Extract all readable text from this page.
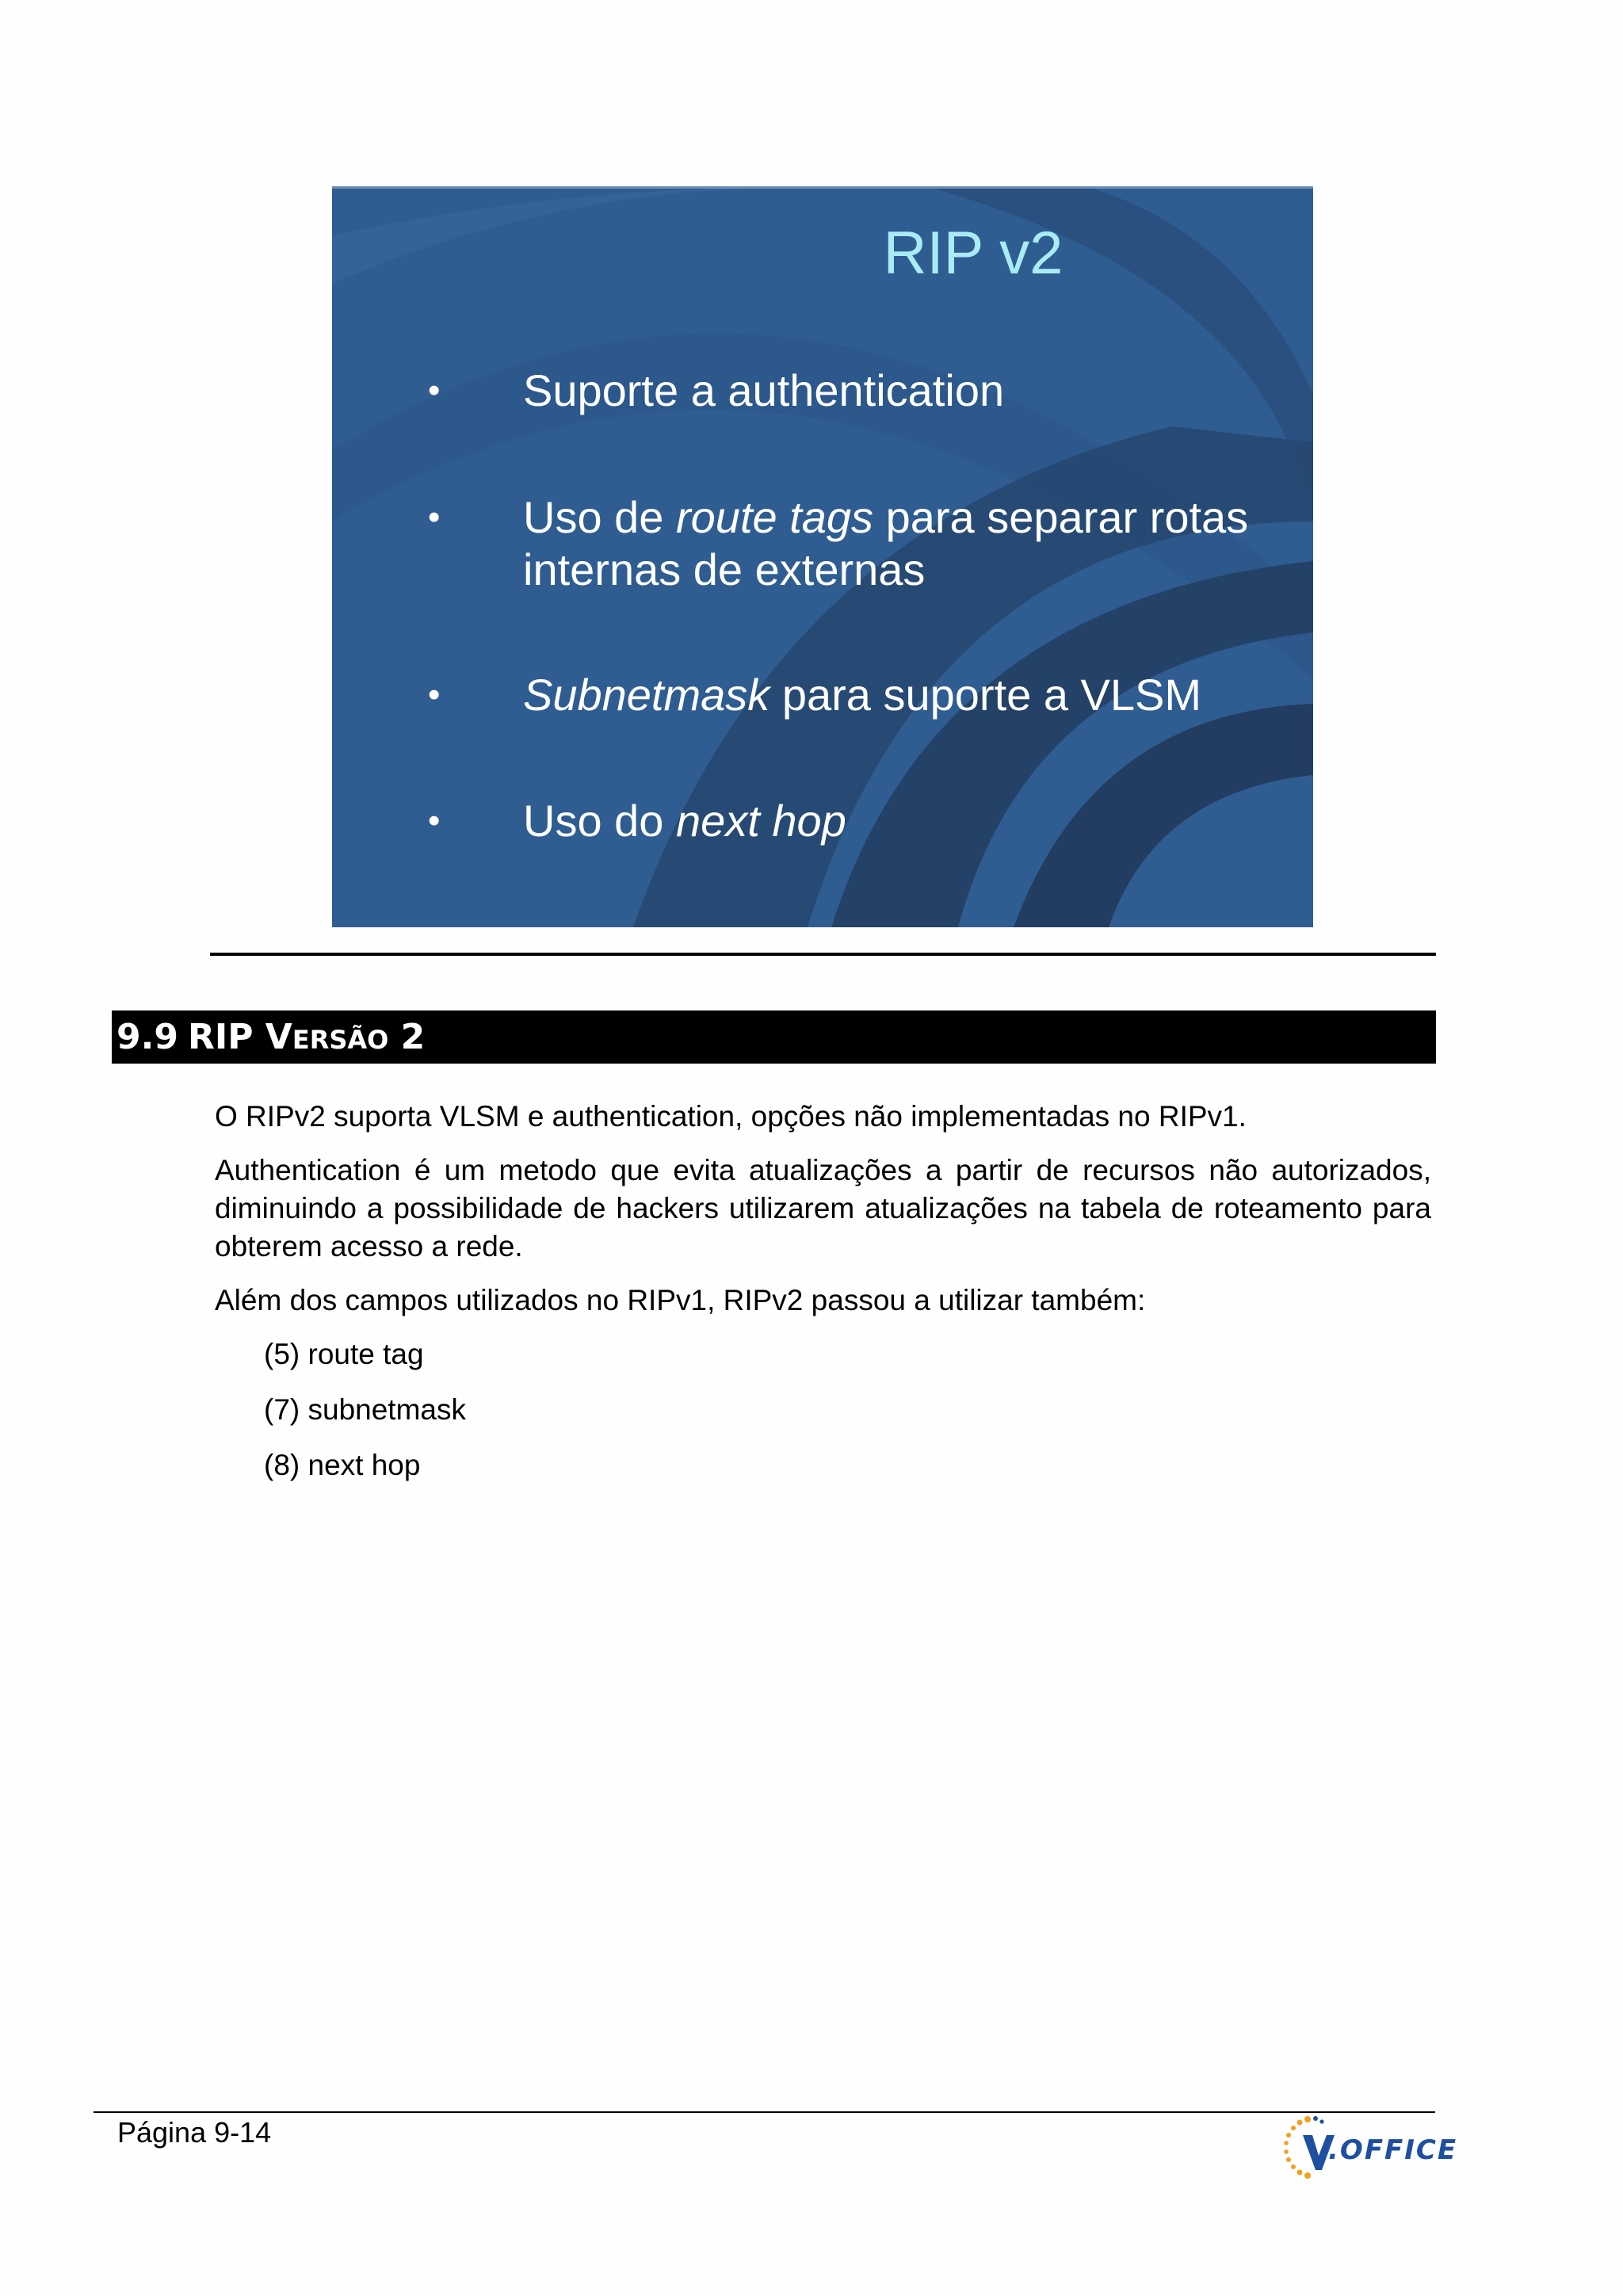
RIP v2
• Suporte a authentication
• Uso de route tags para separar rotas
internas de externas
• Subnetmask para suporte a VLSM
• Uso do next hop
9.9 RIP VERSÃO 2

O RIPv2 suporta VLSM e authentication, opções não implementadas no RIPv1.

Authentication é um metodo que evita atualizações a partir de recursos não autorizados, diminuindo a possibilidade de hackers utilizarem atualizações na tabela de roteamento para obterem acesso a rede.

Além dos campos utilizados no RIPv1, RIPv2 passou a utilizar também:

(5) route tag
(7) subnetmask
(8) next hop
Página 9-14
.OFFICE
